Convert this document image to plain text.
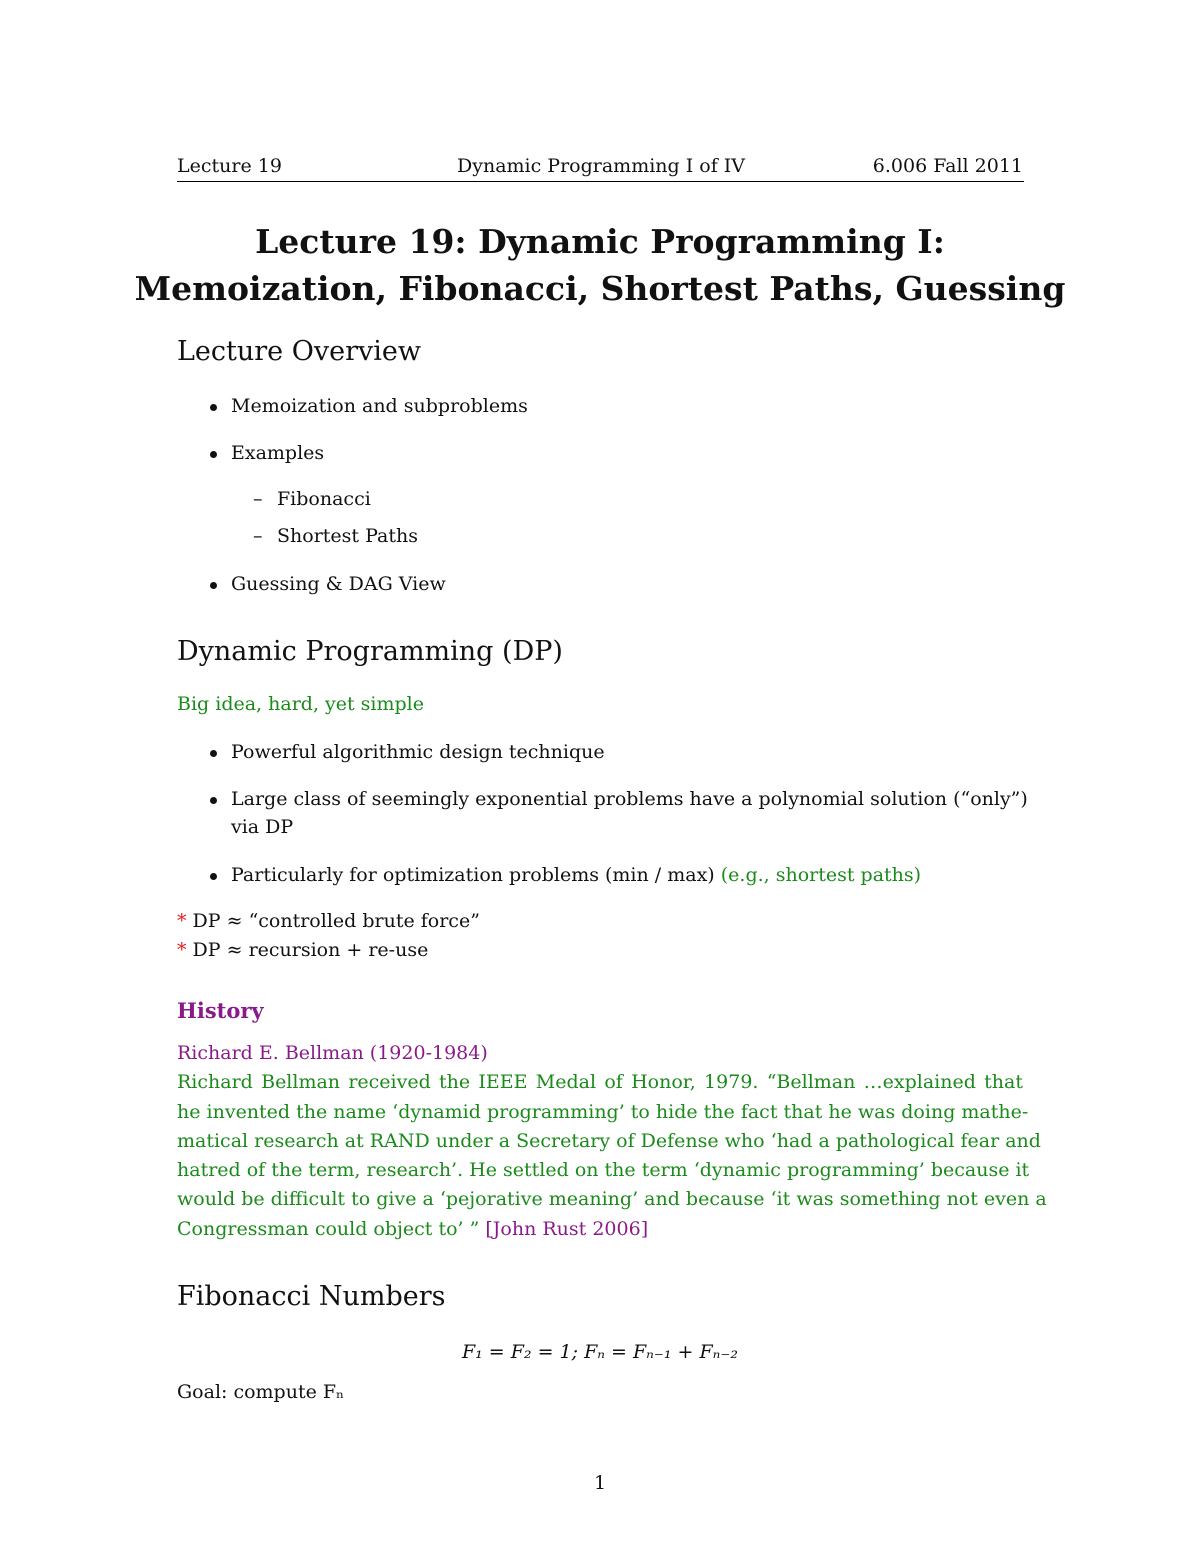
Lecture 19	Dynamic Programming I of IV	6.006 Fall 2011
Lecture 19: Dynamic Programming I:
Memoization, Fibonacci, Shortest Paths, Guessing
Lecture Overview
Memoization and subproblems
Examples
– Fibonacci
– Shortest Paths
Guessing & DAG View
Dynamic Programming (DP)
Big idea, hard, yet simple
Powerful algorithmic design technique
Large class of seemingly exponential problems have a polynomial solution (“only”)
via DP
Particularly for optimization problems (min / max) (e.g., shortest paths)
* DP ≈ “controlled brute force”
* DP ≈ recursion + re-use
History
Richard E. Bellman (1920-1984)
Richard Bellman received the IEEE Medal of Honor, 1979. “Bellman …explained that
he invented the name ‘dynamid programming’ to hide the fact that he was doing mathe-
matical research at RAND under a Secretary of Defense who ‘had a pathological fear and
hatred of the term, research’. He settled on the term ‘dynamic programming’ because it
would be difficult to give a ‘pejorative meaning’ and because ‘it was something not even a
Congressman could object to’ ” [John Rust 2006]
Fibonacci Numbers
F₁ = F₂ = 1; Fₙ = Fₙ₋₁ + Fₙ₋₂
Goal: compute Fₙ
1
